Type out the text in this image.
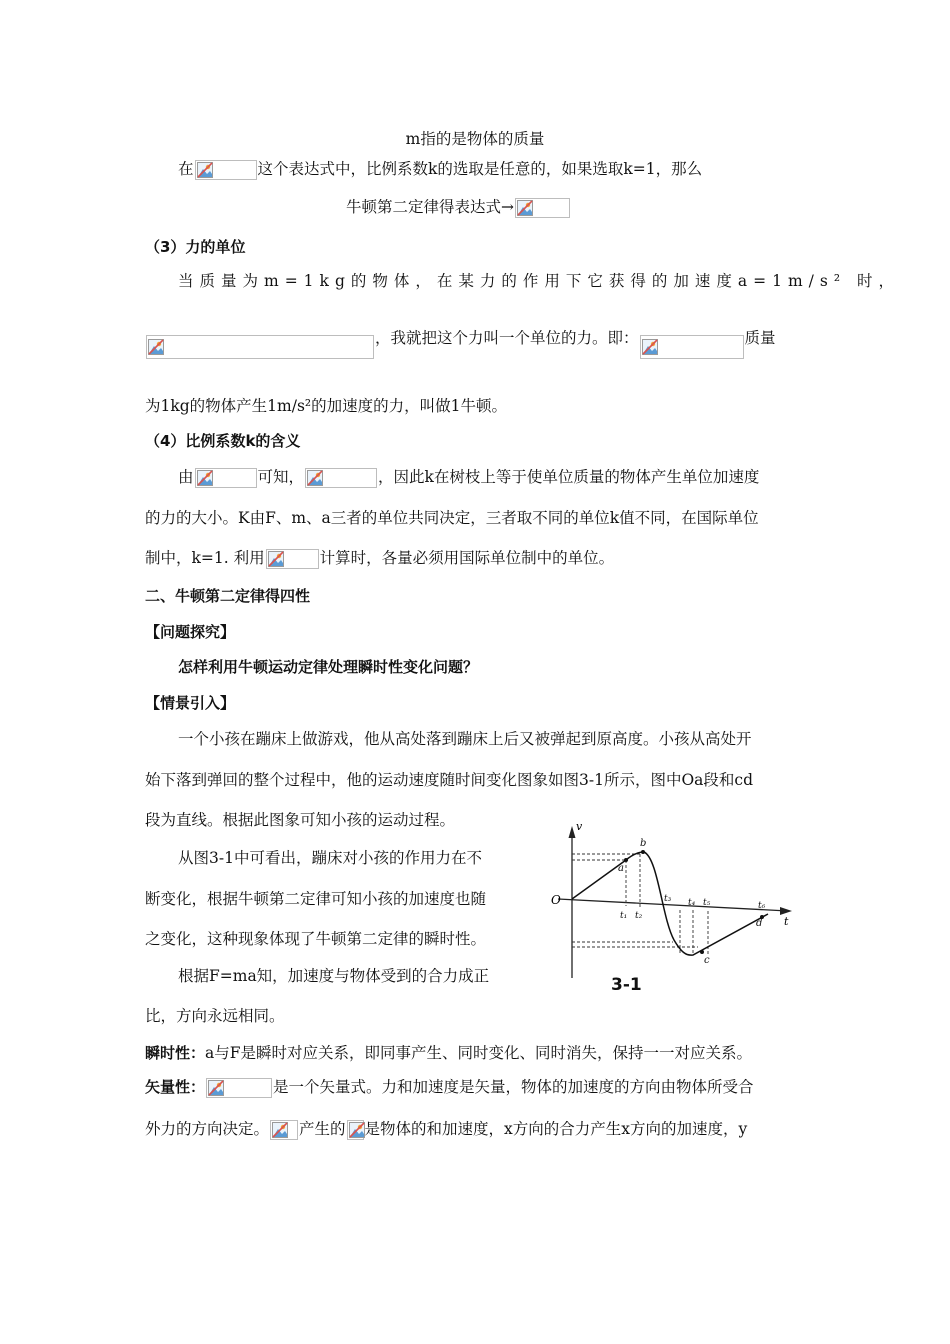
m指的是物体的质量
在	这个表达式中，比例系数k的选取是任意的，如果选取k=1，那么
牛顿第二定律得表达式→
（3）力的单位
当质量为m=1kg的物体，在某力的作用下它获得的加速度a=1m/s² 时，
，我就把这个力叫一个单位的力。即：	质量
为1kg的物体产生1m/s²的加速度的力，叫做1牛顿。
（4）比例系数k的含义
由	可知，	，因此k在树枝上等于使单位质量的物体产生单位加速度
的力的大小。K由F、m、a三者的单位共同决定，三者取不同的单位k值不同，在国际单位
制中，k=1. 利用	计算时，各量必须用国际单位制中的单位。
二、牛顿第二定律得四性
【问题探究】
怎样利用牛顿运动定律处理瞬时性变化问题？
【情景引入】
一个小孩在蹦床上做游戏，他从高处落到蹦床上后又被弹起到原高度。小孩从高处开
始下落到弹回的整个过程中，他的运动速度随时间变化图象如图3-1所示，图中Oa段和cd
段为直线。根据此图象可知小孩的运动过程。
从图3-1中可看出，蹦床对小孩的作用力在不
断变化，根据牛顿第二定律可知小孩的加速度也随
之变化，这种现象体现了牛顿第二定律的瞬时性。
根据F=ma知，加速度与物体受到的合力成正
比，方向永远相同。
瞬时性：a与F是瞬时对应关系，即同事产生、同时变化、同时消失，保持一一对应关系。
矢量性：	是一个矢量式。力和加速度是矢量，物体的加速度的方向由物体所受合
外力的方向决定。 产生的 是物体的和加速度，x方向的合力产生x方向的加速度，y
v
t
O
a
b
c
d
t₁ t₂
t₃ t₄ t₅	t₆
3-1
